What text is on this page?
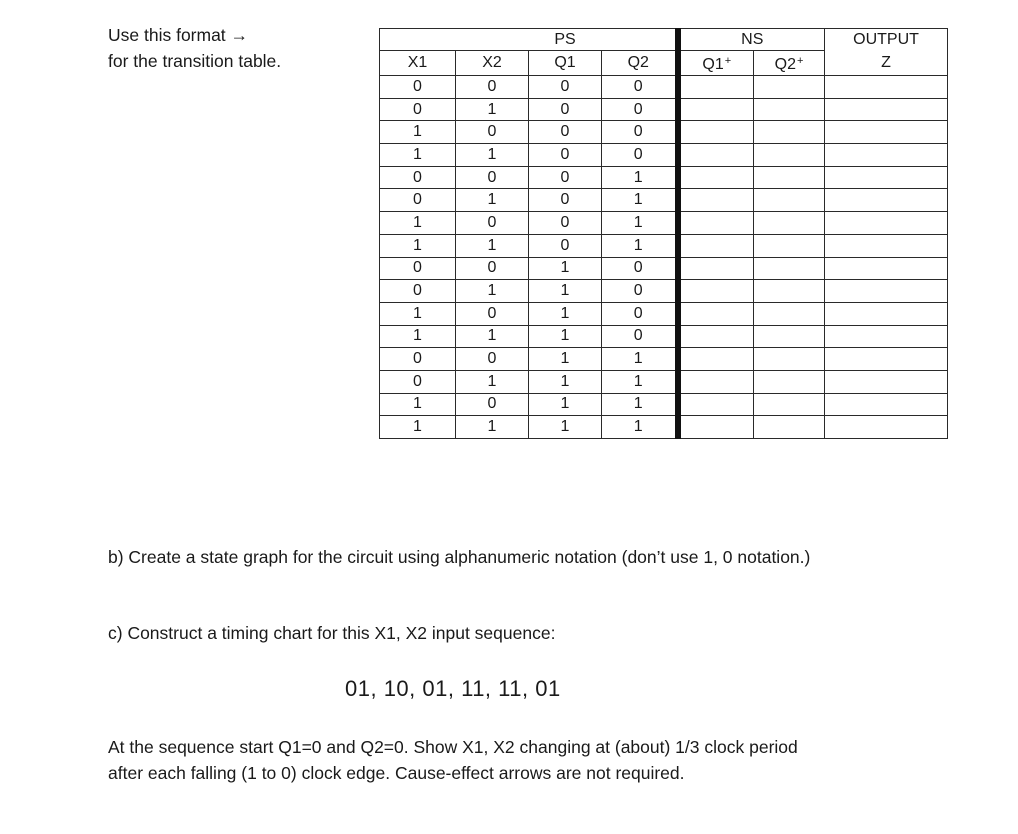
Use this format →
for the transition table.
	PS			NS		OUTPUT
X1	X2	Q1	Q2	Q1+	Q2+	Z
0	0	0	0			
0	1	0	0			
1	0	0	0			
1	1	0	0			
0	0	0	1			
0	1	0	1			
1	0	0	1			
1	1	0	1			
0	0	1	0			
0	1	1	0			
1	0	1	0			
1	1	1	0			
0	0	1	1			
0	1	1	1			
1	0	1	1			
1	1	1	1			
b) Create a state graph for the circuit using alphanumeric notation (don’t use 1, 0 notation.)
c) Construct a timing chart for this X1, X2 input sequence:
01, 10, 01, 11, 11, 01
At the sequence start Q1=0 and Q2=0. Show X1, X2 changing at (about) 1/3 clock period
after each falling (1 to 0) clock edge. Cause-effect arrows are not required.
